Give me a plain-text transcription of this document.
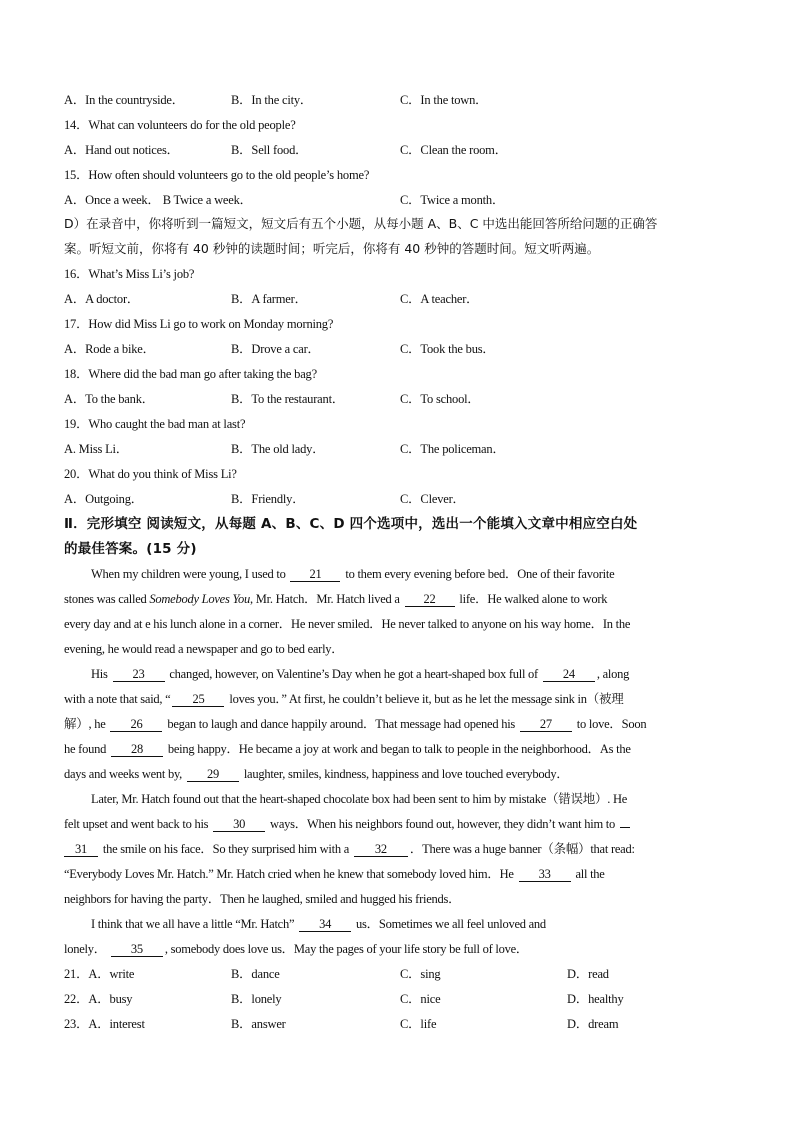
A．In the countryside．	B．In the city．	C．In the town．
14．What can volunteers do for the old people?
A．Hand out notices．	B．Sell food．	C．Clean the room．
15．How often should volunteers go to the old people’s home?
A．Once a week． B Twice a week．	C．Twice a month．
D）在录音中，你将听到一篇短文，短文后有五个小题，从每小题 A、B、C 中选出能回答所给问题的正确答
案。听短文前，你将有 40 秒钟的读题时间；听完后，你将有 40 秒钟的答题时间。短文听两遍。
16．What’s Miss Li’s job?
A．A doctor．	B．A farmer．	C．A teacher．
17．How did Miss Li go to work on Monday morning?
A．Rode a bike．	B．Drove a car．	C．Took the bus．
18．Where did the bad man go after taking the bag?
A．To the bank．	B．To the restaurant．	C．To school．
19．Who caught the bad man at last?
A. Miss Li．	B．The old lady．	C．The policeman．
20．What do you think of Miss Li?
A．Outgoing．	B．Friendly．	C．Clever．
Ⅱ．完形填空 阅读短文，从每题 A、B、C、D 四个选项中，选出一个能填入文章中相应空白处
的最佳答案。(15 分)
When my children were young, I used to 21 to them every evening before bed．One of their favorite
stones was called Somebody Loves You, Mr. Hatch．Mr. Hatch lived a 22 life．He walked alone to work
every day and at e his lunch alone in a corner．He never smiled．He never talked to anyone on his way home．In the
evening, he would read a newspaper and go to bed early．
His 23 changed, however, on Valentine’s Day when he got a heart-shaped box full of 24 , along
with a note that said, “ 25 loves you．” At first, he couldn’t believe it, but as he let the message sink in（被理
解）, he 26 began to laugh and dance happily around．That message had opened his 27 to love．Soon
he found 28 being happy．He became a joy at work and began to talk to people in the neighborhood．As the
days and weeks went by, 29 laughter, smiles, kindness, happiness and love touched everybody．
Later, Mr. Hatch found out that the heart-shaped chocolate box had been sent to him by mistake（错误地）. He
felt upset and went back to his 30 ways．When his neighbors found out, however, they didn’t want him to
31 the smile on his face．So they surprised him with a 32 ．There was a huge banner（条幅）that read:
“Everybody Loves Mr. Hatch.” Mr. Hatch cried when he knew that somebody loved him．He 33 all the
neighbors for having the party．Then he laughed, smiled and hugged his friends．
I think that we all have a little “Mr. Hatch” 34 us．Sometimes we all feel unloved and
lonely． 35 , somebody does love us．May the pages of your life story be full of love．
21．A．write	B．dance	C．sing	D．read
22．A．busy	B．lonely	C．nice	D．healthy
23．A．interest	B．answer	C．life	D．dream
